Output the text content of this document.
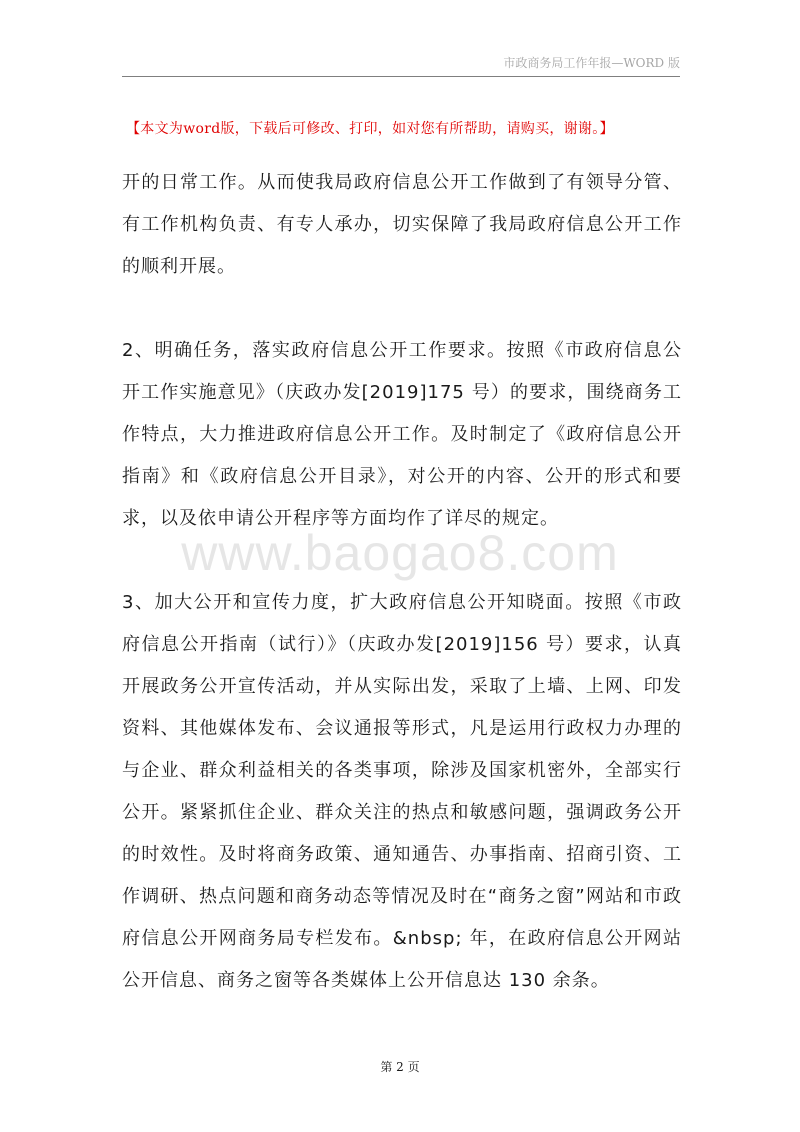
市政商务局工作年报—WORD 版
【本文为word版，下载后可修改、打印，如对您有所帮助，请购买，谢谢。】
www.baogao8.com

开的日常工作。从而使我局政府信息公开工作做到了有领导分管、有工作机构负责、有专人承办，切实保障了我局政府信息公开工作的顺利开展。

2、明确任务，落实政府信息公开工作要求。按照《市政府信息公开工作实施意见》（庆政办发[2019]175 号）的要求，围绕商务工作特点，大力推进政府信息公开工作。及时制定了《政府信息公开指南》和《政府信息公开目录》，对公开的内容、公开的形式和要求，以及依申请公开程序等方面均作了详尽的规定。

3、加大公开和宣传力度，扩大政府信息公开知晓面。按照《市政府信息公开指南（试行）》（庆政办发[2019]156 号）要求，认真开展政务公开宣传活动，并从实际出发，采取了上墙、上网、印发资料、其他媒体发布、会议通报等形式，凡是运用行政权力办理的与企业、群众利益相关的各类事项，除涉及国家机密外，全部实行公开。紧紧抓住企业、群众关注的热点和敏感问题，强调政务公开的时效性。及时将商务政策、通知通告、办事指南、招商引资、工作调研、热点问题和商务动态等情况及时在“商务之窗”网站和市政府信息公开网商务局专栏发布。&nbsp; 年，在政府信息公开网站公开信息、商务之窗等各类媒体上公开信息达 130 余条。

第 2 页
